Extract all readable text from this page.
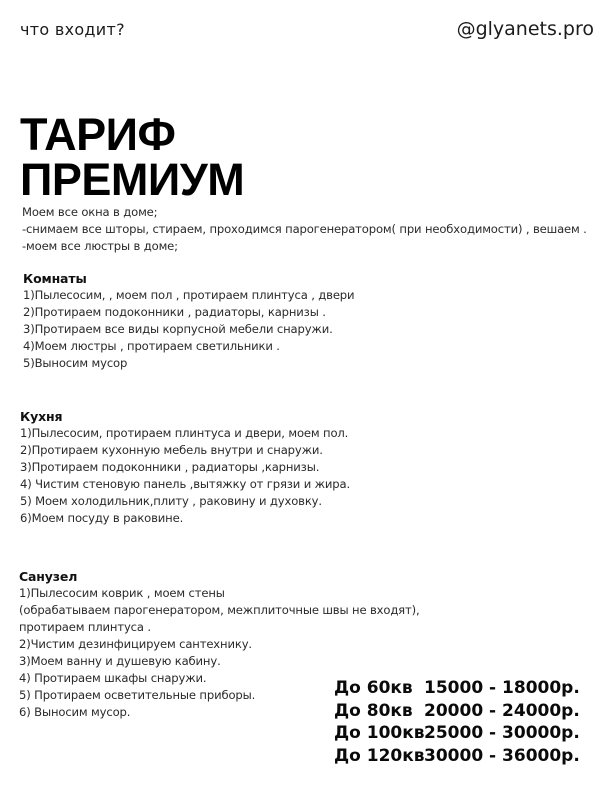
что входит?	@glyanets.pro
ТАРИФ
ПРЕМИУМ
Моем все окна в доме;
-снимаем все шторы, стираем, проходимся парогенератором( при необходимости) , вешаем .
-моем все люстры в доме;
Комнаты
1)Пылесосим, , моем пол , протираем плинтуса , двери
2)Протираем подоконники , радиаторы, карнизы .
3)Протираем все виды корпусной мебели снаружи.
4)Моем люстры , протираем светильники .
5)Выносим мусор
Кухня
1)Пылесосим, протираем плинтуса и двери, моем пол.
2)Протираем кухонную мебель внутри и снаружи.
3)Протираем подоконники , радиаторы ,карнизы.
4) Чистим стеновую панель ,вытяжку от грязи и жира.
5) Моем холодильник,плиту , раковину и духовку.
6)Моем посуду в раковине.
Санузел
1)Пылесосим коврик , моем стены
(обрабатываем парогенератором, межплиточные швы не входят),
протираем плинтуса .
2)Чистим дезинфицируем сантехнику.
3)Моем ванну и душевую кабину.
4) Протираем шкафы снаружи.
5) Протираем осветительные приборы.
6) Выносим мусор.
До 60кв 15000 - 18000р.
До 80кв 20000 - 24000р.
До 100кв 25000 - 30000р.
До 120кв 30000 - 36000р.
